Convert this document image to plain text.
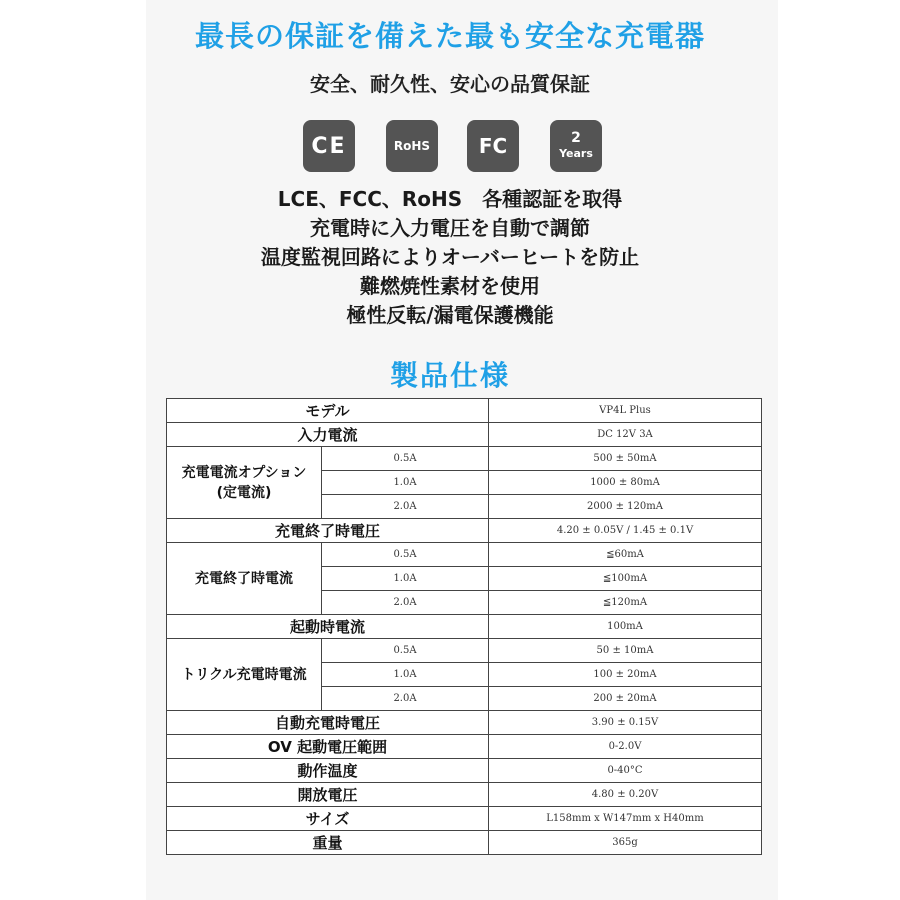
最長の保証を備えた最も安全な充電器
安全、耐久性、安心の品質保証
CE	RoHS	FC	2
Years
LCE、FCC、RoHS　各種認証を取得
充電時に入力電圧を自動で調節
温度監視回路によりオーバーヒートを防止
難燃焼性素材を使用
極性反転/漏電保護機能
製品仕様
モデル		VP4L Plus
入力電流		DC 12V 3A
充電電流オプション
(定電流)	0.5A	500 ± 50mA
	1.0A	1000 ± 80mA
	2.0A	2000 ± 120mA
充電終了時電圧		4.20 ± 0.05V / 1.45 ± 0.1V
充電終了時電流	0.5A	≦60mA
	1.0A	≦100mA
	2.0A	≦120mA
起動時電流		100mA
トリクル充電時電流	0.5A	50 ± 10mA
	1.0A	100 ± 20mA
	2.0A	200 ± 20mA
自動充電時電圧		3.90 ± 0.15V
OV 起動電圧範囲		0-2.0V
動作温度		0-40°C
開放電圧		4.80 ± 0.20V
サイズ		L158mm x W147mm x H40mm
重量		365g
